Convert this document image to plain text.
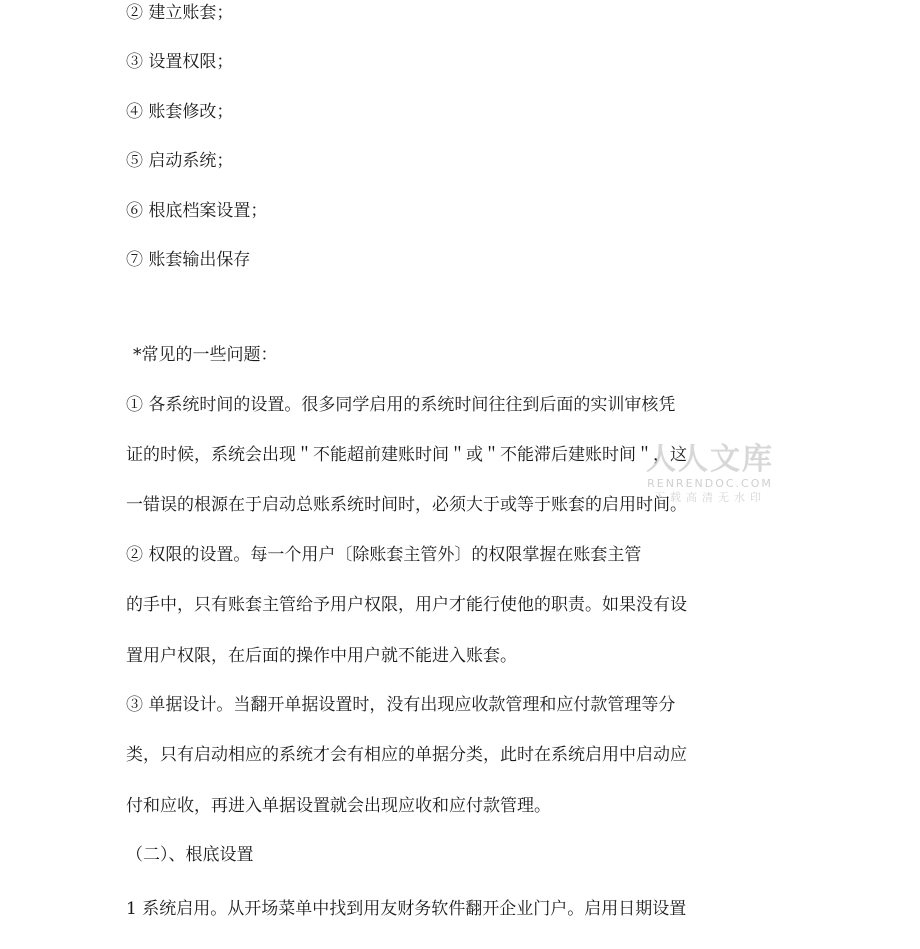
② 建立账套；

③ 设置权限；

④ 账套修改；

⑤ 启动系统；

⑥ 根底档案设置；

⑦ 账套输出保存

*常见的一些问题：

① 各系统时间的设置。很多同学启用的系统时间往往到后面的实训审核凭

证的时候，系统会出现＂不能超前建账时间＂或＂不能滞后建账时间＂，这

一错误的根源在于启动总账系统时间时，必须大于或等于账套的启用时间。

② 权限的设置。每一个用户〔除账套主管外〕的权限掌握在账套主管

的手中，只有账套主管给予用户权限，用户才能行使他的职责。如果没有设

置用户权限，在后面的操作中用户就不能进入账套。

③ 单据设计。当翻开单据设置时，没有出现应收款管理和应付款管理等分

类，只有启动相应的系统才会有相应的单据分类，此时在系统启用中启动应

付和应收，再进入单据设置就会出现应收和应付款管理。

（二）、根底设置

1 系统启用。从开场菜单中找到用友财务软件翻开企业门户。启用日期设置

人人文库
RENRENDOC.COM
下载高清无水印
